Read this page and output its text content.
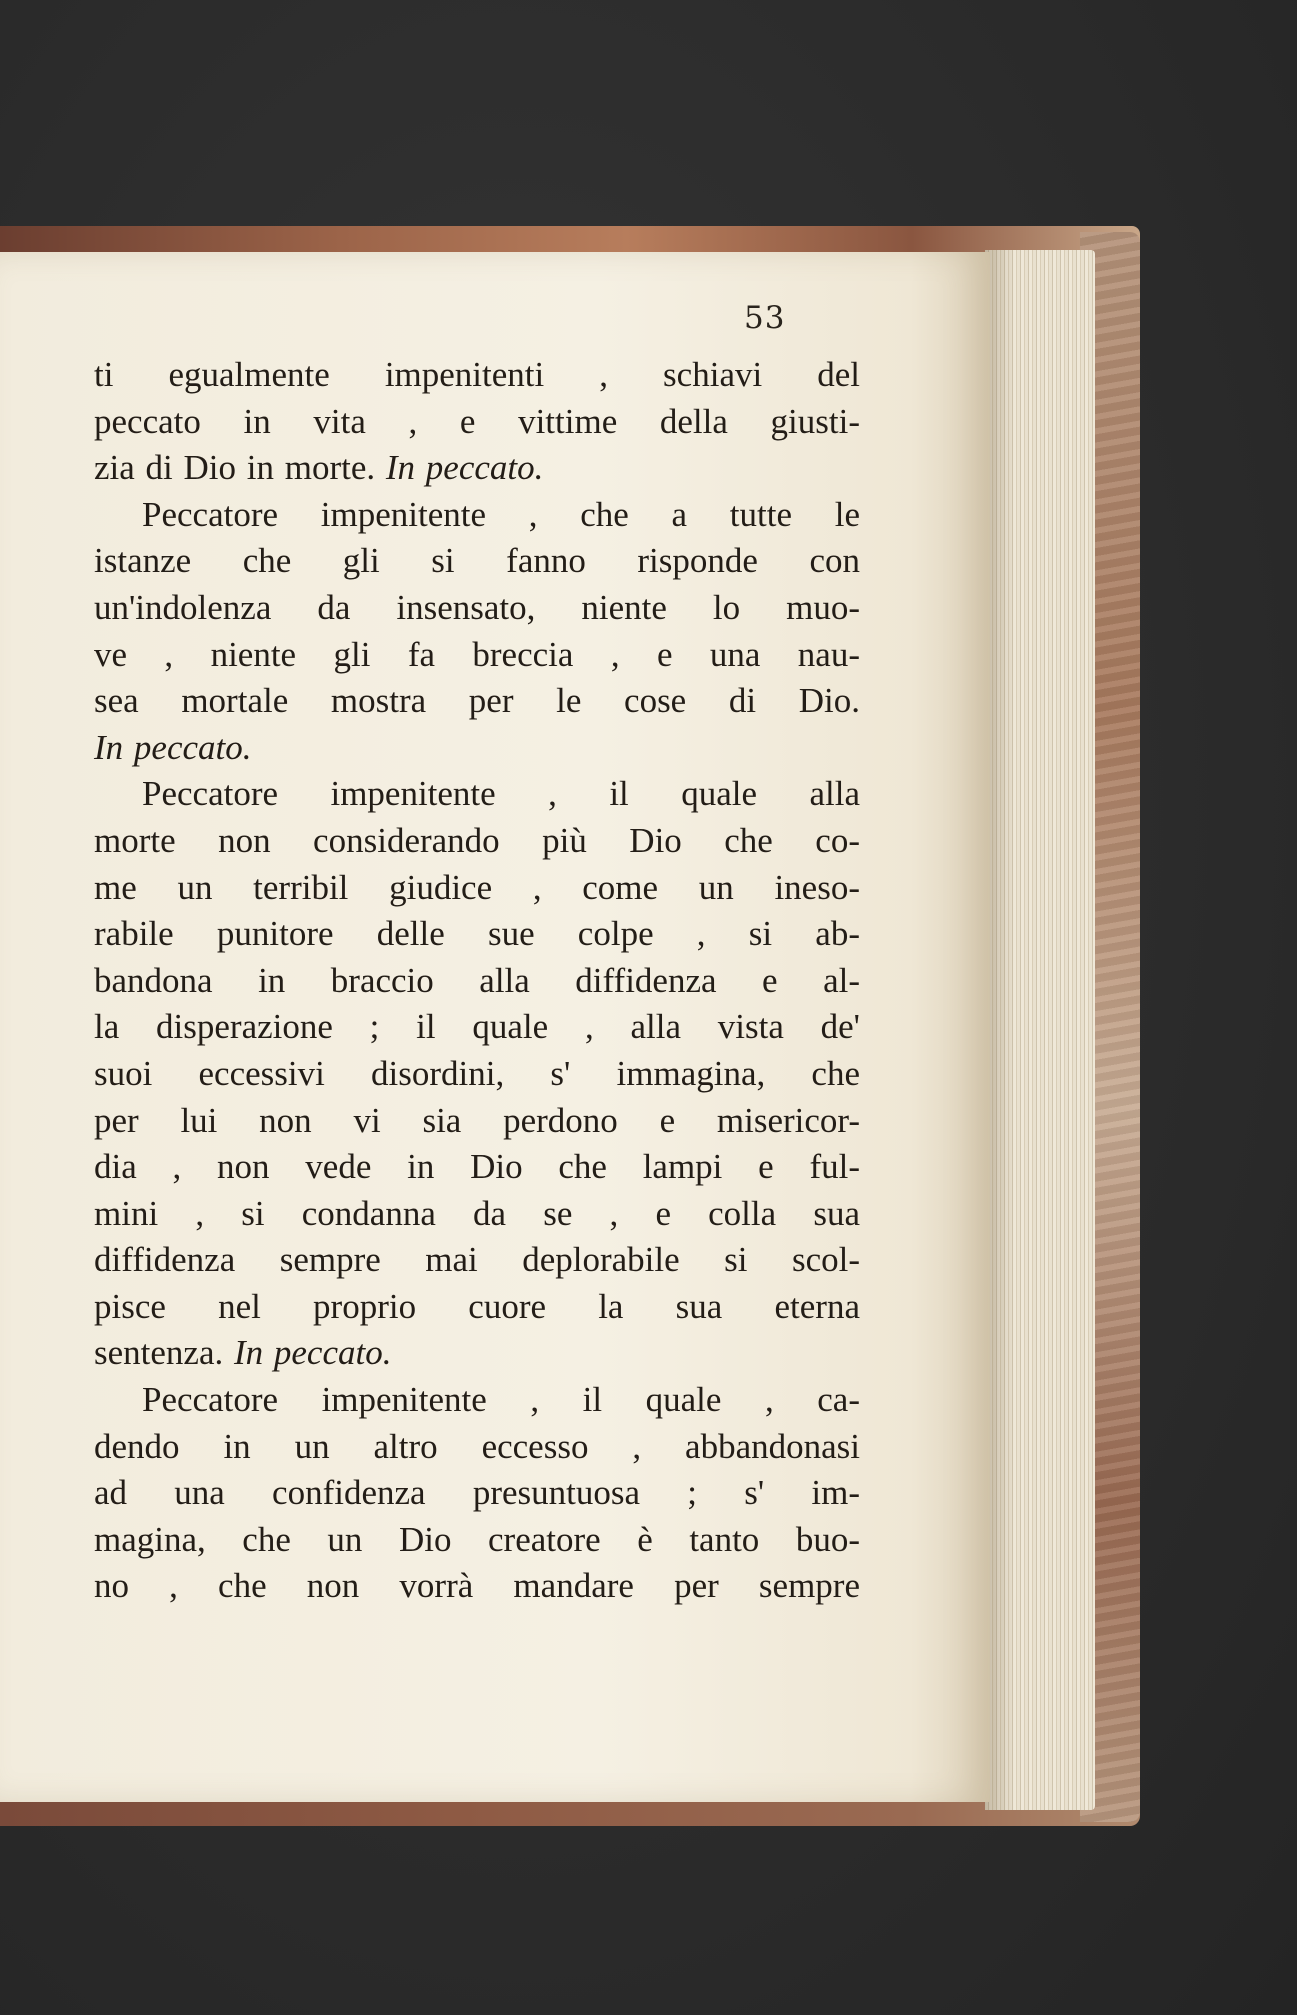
53
ti egualmente impenitenti , schiavi del
peccato in vita , e vittime della giusti-
zia di Dio in morte. In peccato.
Peccatore impenitente , che a tutte le
istanze che gli si fanno risponde con
un'indolenza da insensato, niente lo muo-
ve , niente gli fa breccia , e una nau-
sea mortale mostra per le cose di Dio.
In peccato.
Peccatore impenitente , il quale alla
morte non considerando più Dio che co-
me un terribil giudice , come un ineso-
rabile punitore delle sue colpe , si ab-
bandona in braccio alla diffidenza e al-
la disperazione ; il quale , alla vista de'
suoi eccessivi disordini, s' immagina, che
per lui non vi sia perdono e misericor-
dia , non vede in Dio che lampi e ful-
mini , si condanna da se , e colla sua
diffidenza sempre mai deplorabile si scol-
pisce nel proprio cuore la sua eterna
sentenza. In peccato.
Peccatore impenitente , il quale , ca-
dendo in un altro eccesso , abbandonasi
ad una confidenza presuntuosa ; s' im-
magina, che un Dio creatore è tanto buo-
no , che non vorrà mandare per sempre
